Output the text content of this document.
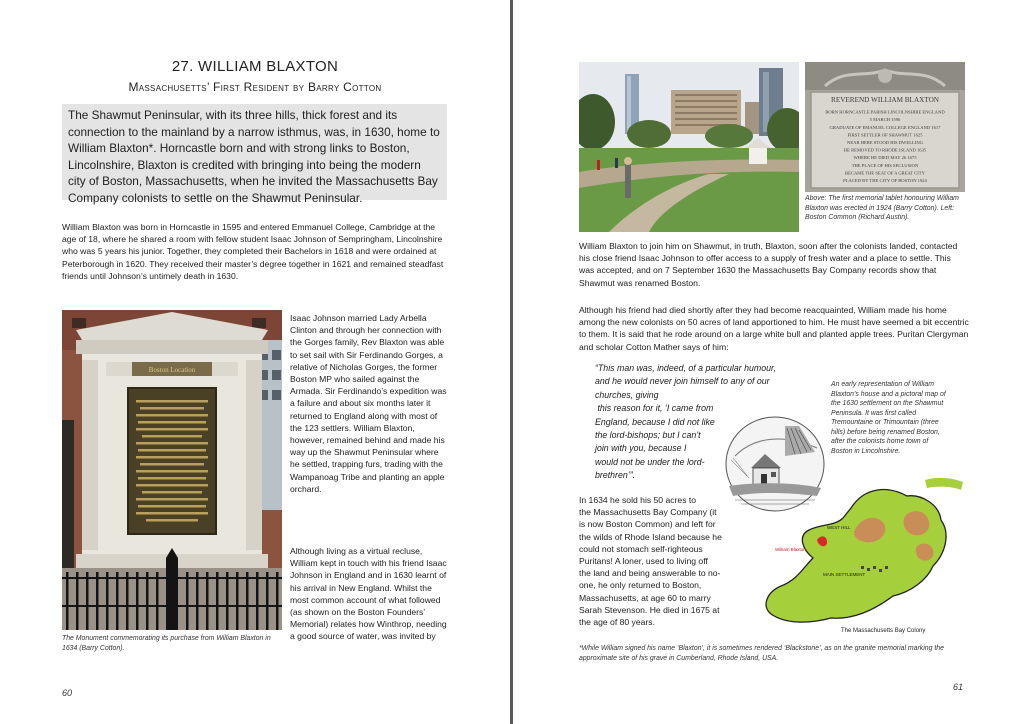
27. WILLIAM BLAXTON
Massachusetts’ First Resident by Barry Cotton
The Shawmut Peninsular, with its three hills, thick forest and its connection to the mainland by a narrow isthmus, was, in 1630, home to William Blaxton*. Horncastle born and with strong links to Boston, Lincolnshire, Blaxton is credited with bringing into being the modern city of Boston, Massachusetts, when he invited the Massachusetts Bay Company colonists to settle on the Shawmut Peninsular.
William Blaxton was born in Horncastle in 1595 and entered Emmanuel College, Cambridge at the age of 18, where he shared a room with fellow student Isaac Johnson of Sempringham, Lincolnshire who was 5 years his junior. Together, they completed their Bachelors in 1618 and were ordained at Peterborough in 1620. They received their master’s degree together in 1621 and remained steadfast friends until Johnson’s untimely death in 1630.
Boston Location
The Monument commemorating its purchase from William Blaxton in 1634 (Barry Cotton).
Isaac Johnson married Lady Arbella Clinton and through her connection with the Gorges family, Rev Blaxton was able to set sail with Sir Ferdinando Gorges, a relative of Nicholas Gorges, the former Boston MP who sailed against the Armada. Sir Ferdinando’s expedition was a failure and about six months later it returned to England along with most of the 123 settlers. William Blaxton, however, remained behind and made his way up the Shawmut Peninsular where he settled, trapping furs, trading with the Wampanoag Tribe and planting an apple orchard.
Although living as a virtual recluse, William kept in touch with his friend Isaac Johnson in England and in 1630 learnt of his arrival in New England. Whilst the most common account of what followed (as shown on the Boston Founders’ Memorial) relates how Winthrop, needing a good source of water, was invited by
60
REVEREND WILLIAM BLAXTON
BORN HORNCASTLE PARISH LINCOLNSHIRE ENGLAND
5 MARCH 1596
GRADUATE OF EMANUEL COLLEGE ENGLAND 1617
FIRST SETTLER OF SHAWMUT 1625
NEAR HERE STOOD HIS DWELLING
HE REMOVED TO RHODE ISLAND 1635
WHERE HE DIED MAY 26 1675
THE PLACE OF HIS SECLUSION
BECAME THE SEAT OF A GREAT CITY
PLACED BY THE CITY OF BOSTON 1924
Above: The first memorial tablet honouring William Blaxton was erected in 1924 (Barry Cotton). Left: Boston Common (Richard Austin).
William Blaxton to join him on Shawmut, in truth, Blaxton, soon after the colonists landed, contacted his close friend Isaac Johnson to offer access to a supply of fresh water and a place to settle. This was accepted, and on 7 September 1630 the Massachusetts Bay Company records show that Shawmut was renamed Boston.
Although his friend had died shortly after they had become reacquainted, William made his home among the new colonists on 50 acres of land apportioned to him. He must have seemed a bit eccentric to them. It is said that he rode around on a large white bull and planted apple trees. Puritan Clergyman and scholar Cotton Mather says of him:
“This man was, indeed, of a particular humour,
and he would never join himself to any of our
churches, giving
this reason for it, ‘I came from
England, because I did not like
the lord-bishops; but I can’t
join with you, because I
would not be under the lord-
brethren’”.
An early representation of William
Blaxton’s house and a pictoral map of
the 1630 settlement on the Shawmut
Peninsula. It was first called
Tremountaine or Trimountain (three
hills) before being renamed Boston,
after the colonists home town of
Boston in Lincolnshire.
In 1634 he sold his 50 acres to
the Massachusetts Bay Company (it
is now Boston Common) and left for
the wilds of Rhode Island because he
could not stomach self-righteous
Puritans! A loner, used to living off
the land and being answerable to no-
one, he only returned to Boston,
Massachusetts, at age 60 to marry
Sarah Stevenson. He died in 1675 at
the age of 80 years.
WEST HILL
William Blaxton
MAIN SETTLEMENT
The Massachusetts Bay Colony
*While William signed his name ‘Blaxton’, it is sometimes rendered ‘Blackstone’, as on the granite memorial marking the approximate site of his grave in Cumberland, Rhode Island, USA.
61
